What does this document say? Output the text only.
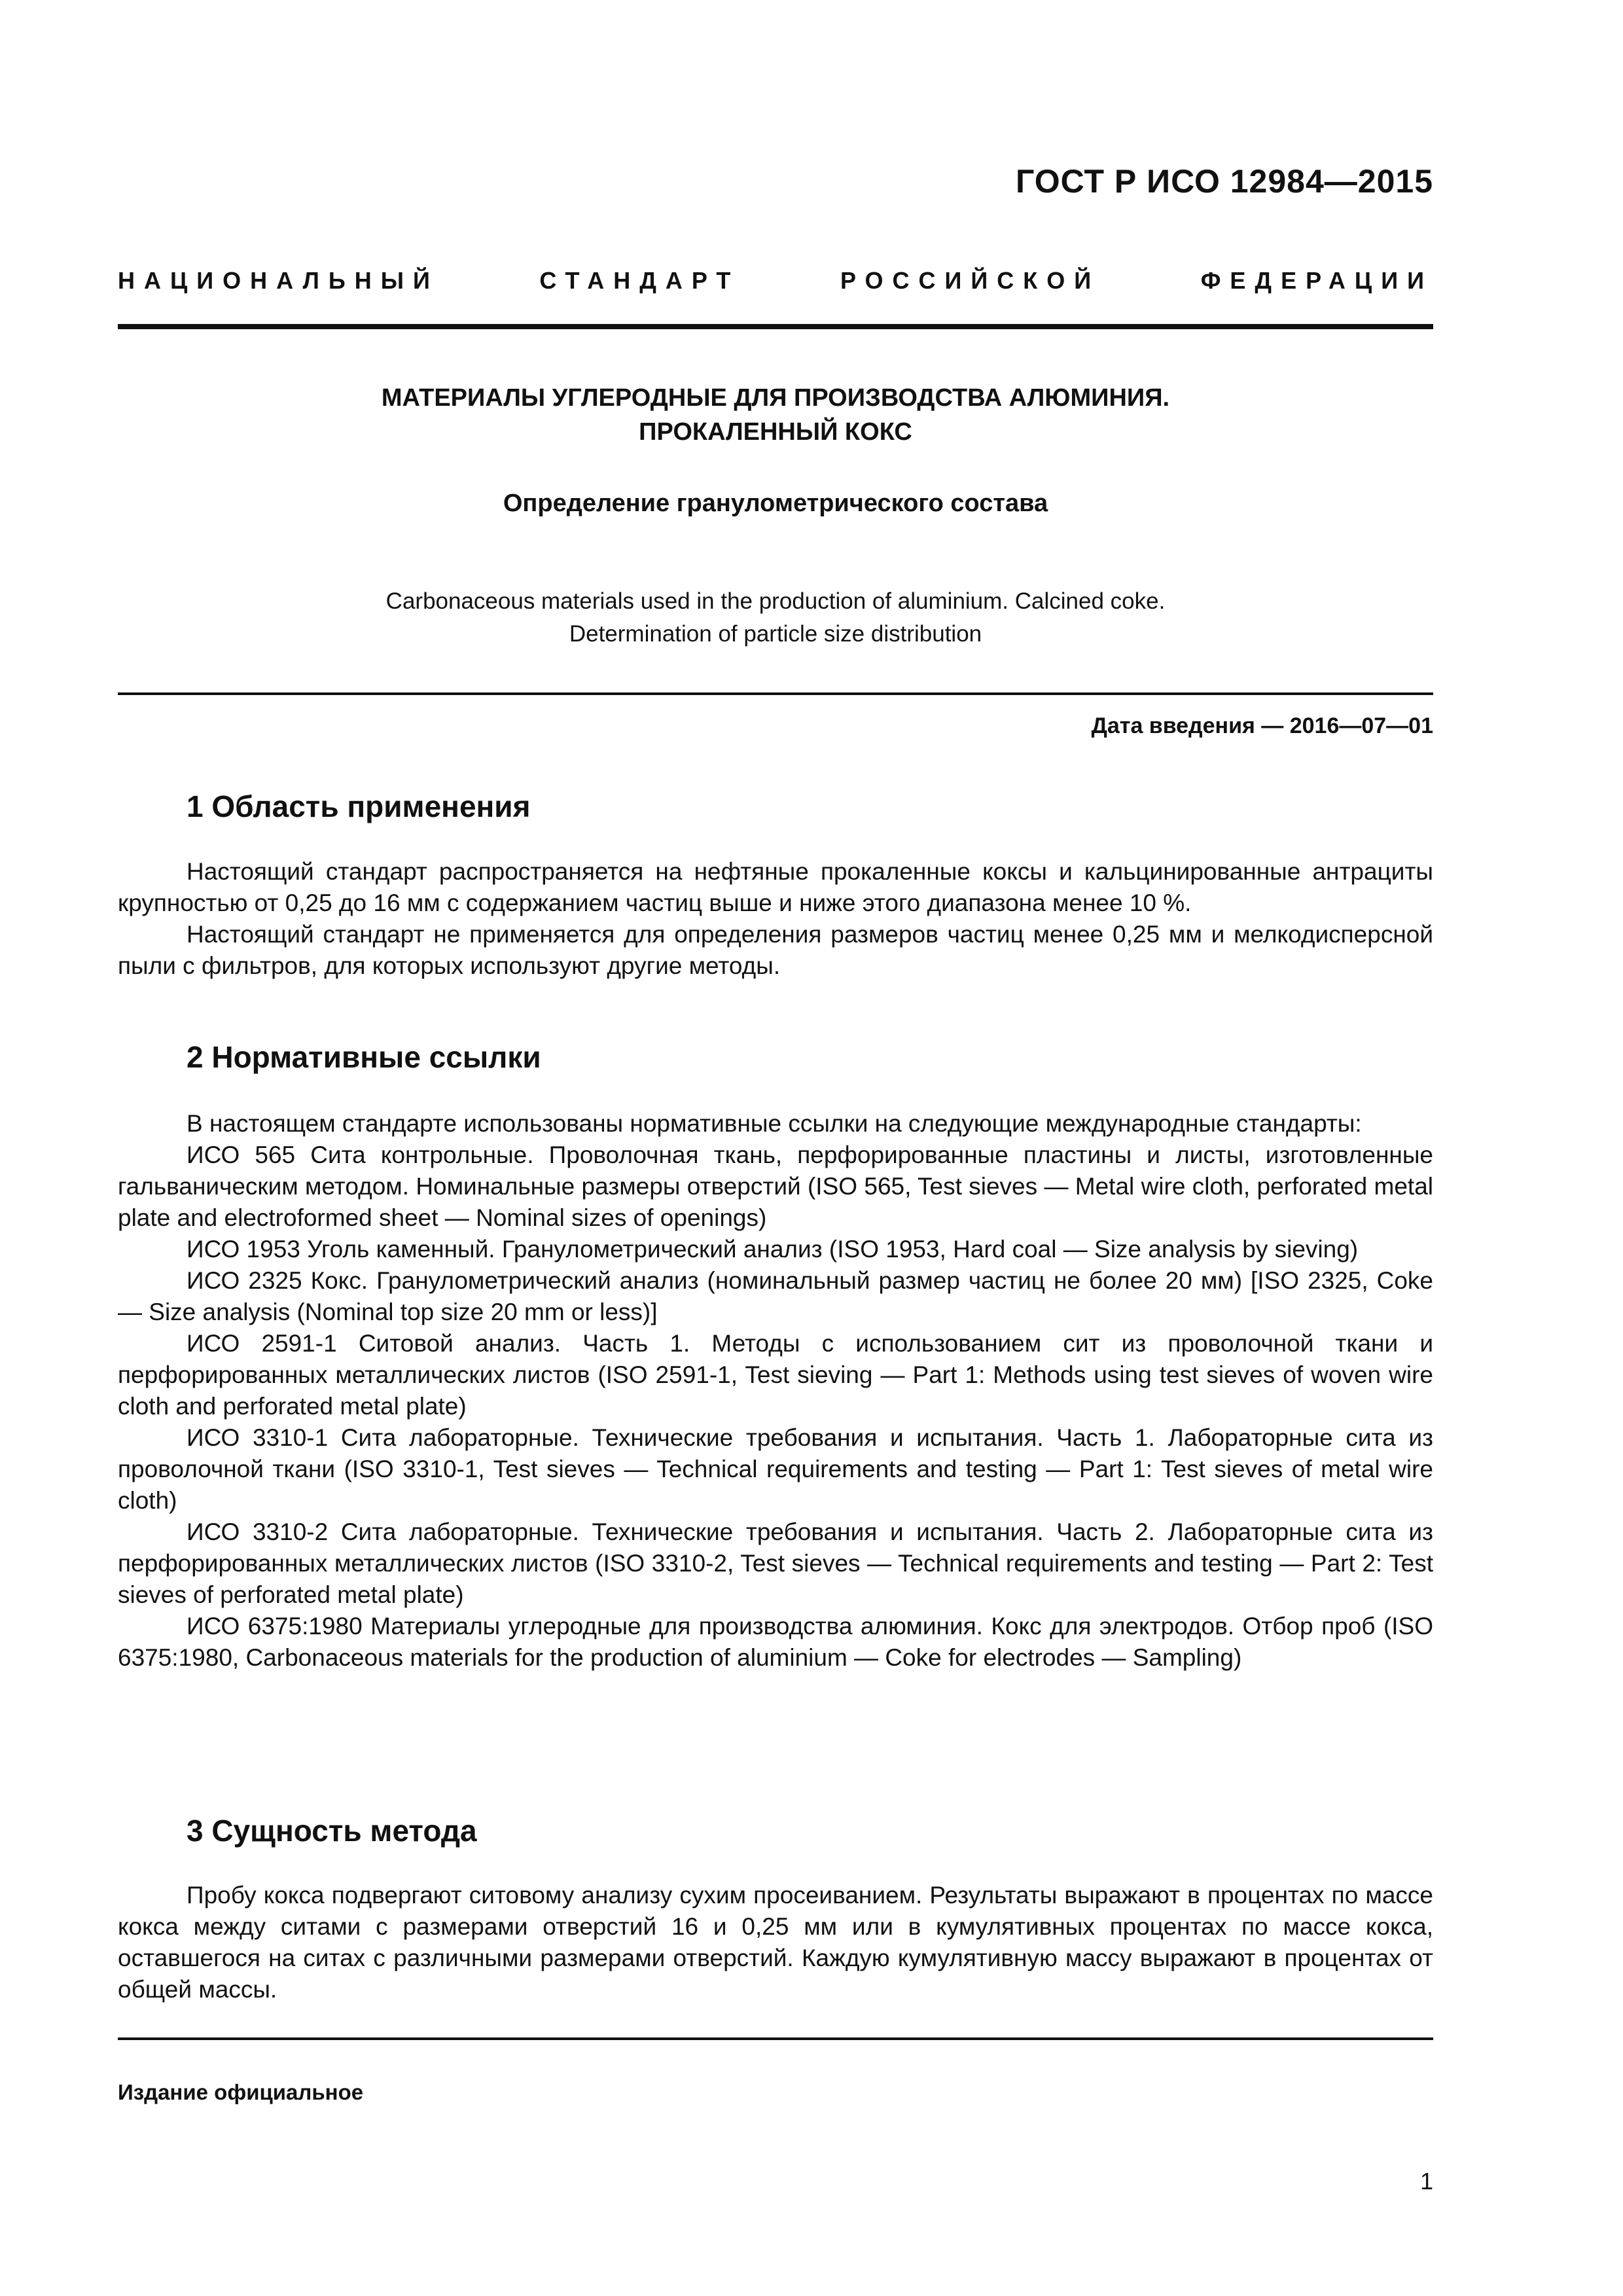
ГОСТ Р ИСО 12984—2015
НАЦИОНАЛЬНЫЙ	СТАНДАРТ	РОССИЙСКОЙ	ФЕДЕРАЦИИ
МАТЕРИАЛЫ УГЛЕРОДНЫЕ ДЛЯ ПРОИЗВОДСТВА АЛЮМИНИЯ.
ПРОКАЛЕННЫЙ КОКС
Определение гранулометрического состава
Carbonaceous materials used in the production of aluminium. Calcined coke.
Determination of particle size distribution
Дата введения — 2016—07—01
1 Область применения

Настоящий стандарт распространяется на нефтяные прокаленные коксы и кальцинированные антрациты крупностью от 0,25 до 16 мм с содержанием частиц выше и ниже этого диапазона менее 10 %.

Настоящий стандарт не применяется для определения размеров частиц менее 0,25 мм и мелкодисперсной пыли с фильтров, для которых используют другие методы.

2 Нормативные ссылки

В настоящем стандарте использованы нормативные ссылки на следующие международные стандарты:

ИСО 565 Сита контрольные. Проволочная ткань, перфорированные пластины и листы, изготовленные гальваническим методом. Номинальные размеры отверстий (ISO 565, Test sieves — Metal wire cloth, perforated metal plate and electroformed sheet — Nominal sizes of openings)

ИСО 1953 Уголь каменный. Гранулометрический анализ (ISO 1953, Hard coal — Size analysis by sieving)

ИСО 2325 Кокс. Гранулометрический анализ (номинальный размер частиц не более 20 мм) [ISO 2325, Coke — Size analysis (Nominal top size 20 mm or less)]

ИСО 2591-1 Ситовой анализ. Часть 1. Методы с использованием сит из проволочной ткани и перфорированных металлических листов (ISO 2591-1, Test sieving — Part 1: Methods using test sieves of woven wire cloth and perforated metal plate)

ИСО 3310-1 Сита лабораторные. Технические требования и испытания. Часть 1. Лабораторные сита из проволочной ткани (ISO 3310-1, Test sieves — Technical requirements and testing — Part 1: Test sieves of metal wire cloth)

ИСО 3310-2 Сита лабораторные. Технические требования и испытания. Часть 2. Лабораторные сита из перфорированных металлических листов (ISO 3310-2, Test sieves — Technical requirements and testing — Part 2: Test sieves of perforated metal plate)

ИСО 6375:1980 Материалы углеродные для производства алюминия. Кокс для электродов. Отбор проб (ISO 6375:1980, Carbonaceous materials for the production of aluminium — Coke for electrodes — Sampling)

3 Сущность метода

Пробу кокса подвергают ситовому анализу сухим просеиванием. Результаты выражают в процентах по массе кокса между ситами с размерами отверстий 16 и 0,25 мм или в кумулятивных процентах по массе кокса, оставшегося на ситах с различными размерами отверстий. Каждую кумулятивную массу выражают в процентах от общей массы.

Издание официальное
1
